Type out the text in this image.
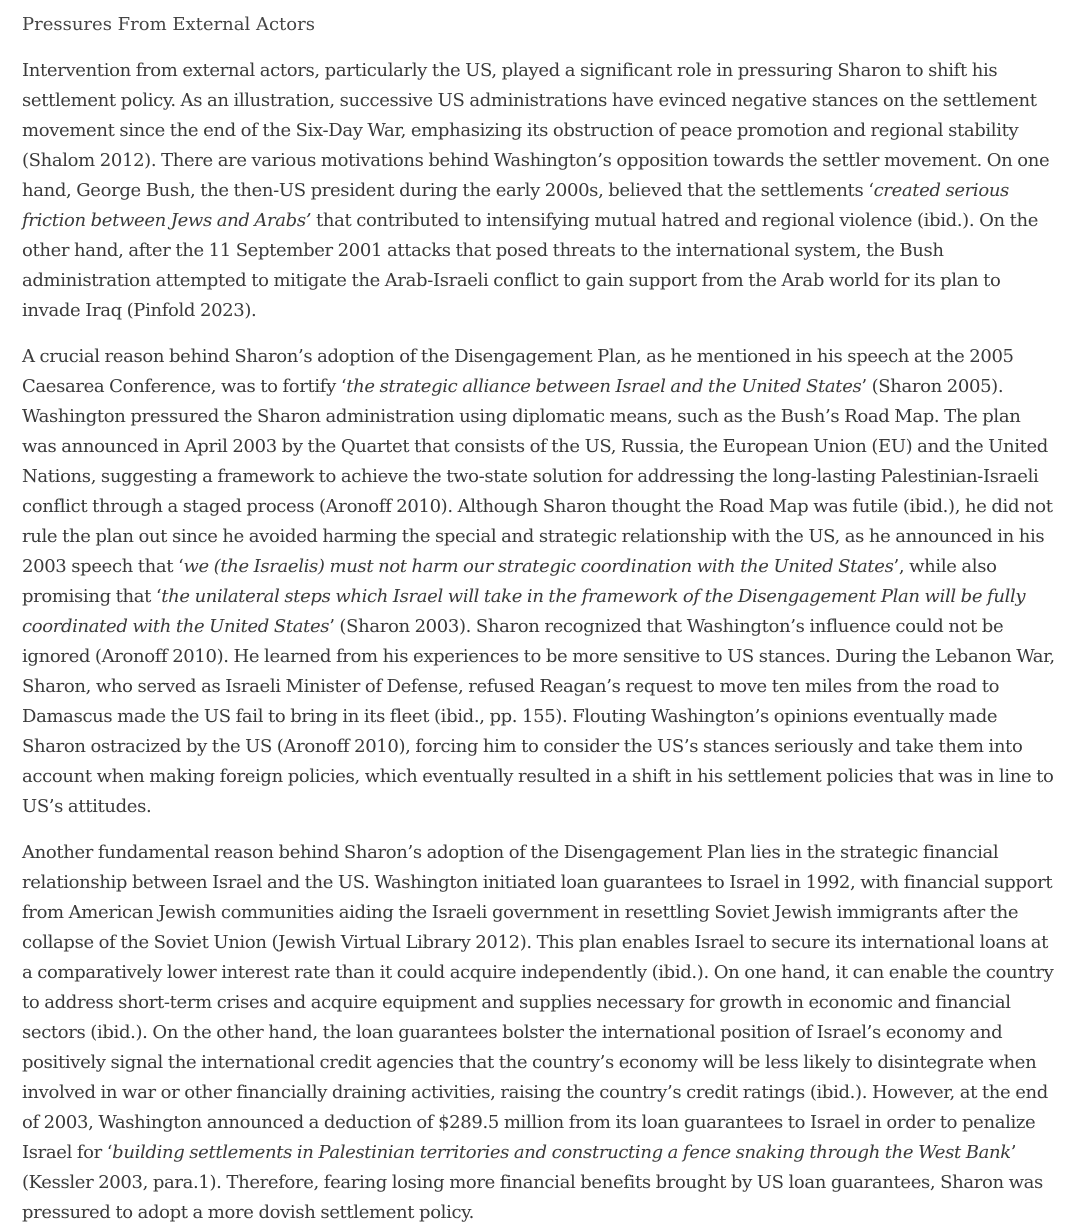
Pressures From External Actors

Intervention from external actors, particularly the US, played a significant role in pressuring Sharon to shift his settlement policy. As an illustration, successive US administrations have evinced negative stances on the settlement movement since the end of the Six-Day War, emphasizing its obstruction of peace promotion and regional stability (Shalom 2012). There are various motivations behind Washington’s opposition towards the settler movement. On one hand, George Bush, the then-US president during the early 2000s, believed that the settlements ‘created serious friction between Jews and Arabs’ that contributed to intensifying mutual hatred and regional violence (ibid.). On the other hand, after the 11 September 2001 attacks that posed threats to the international system, the Bush administration attempted to mitigate the Arab-Israeli conflict to gain support from the Arab world for its plan to invade Iraq (Pinfold 2023).

A crucial reason behind Sharon’s adoption of the Disengagement Plan, as he mentioned in his speech at the 2005 Caesarea Conference, was to fortify ‘the strategic alliance between Israel and the United States’ (Sharon 2005). Washington pressured the Sharon administration using diplomatic means, such as the Bush’s Road Map. The plan was announced in April 2003 by the Quartet that consists of the US, Russia, the European Union (EU) and the United Nations, suggesting a framework to achieve the two-state solution for addressing the long-lasting Palestinian-Israeli conflict through a staged process (Aronoff 2010). Although Sharon thought the Road Map was futile (ibid.), he did not rule the plan out since he avoided harming the special and strategic relationship with the US, as he announced in his 2003 speech that ‘we (the Israelis) must not harm our strategic coordination with the United States’, while also promising that ‘the unilateral steps which Israel will take in the framework of the Disengagement Plan will be fully coordinated with the United States’ (Sharon 2003). Sharon recognized that Washington’s influence could not be ignored (Aronoff 2010). He learned from his experiences to be more sensitive to US stances. During the Lebanon War, Sharon, who served as Israeli Minister of Defense, refused Reagan’s request to move ten miles from the road to Damascus made the US fail to bring in its fleet (ibid., pp. 155). Flouting Washington’s opinions eventually made Sharon ostracized by the US (Aronoff 2010), forcing him to consider the US’s stances seriously and take them into account when making foreign policies, which eventually resulted in a shift in his settlement policies that was in line to US’s attitudes.

Another fundamental reason behind Sharon’s adoption of the Disengagement Plan lies in the strategic financial relationship between Israel and the US. Washington initiated loan guarantees to Israel in 1992, with financial support from American Jewish communities aiding the Israeli government in resettling Soviet Jewish immigrants after the collapse of the Soviet Union (Jewish Virtual Library 2012). This plan enables Israel to secure its international loans at a comparatively lower interest rate than it could acquire independently (ibid.). On one hand, it can enable the country to address short-term crises and acquire equipment and supplies necessary for growth in economic and financial sectors (ibid.). On the other hand, the loan guarantees bolster the international position of Israel’s economy and positively signal the international credit agencies that the country’s economy will be less likely to disintegrate when involved in war or other financially draining activities, raising the country’s credit ratings (ibid.). However, at the end of 2003, Washington announced a deduction of $289.5 million from its loan guarantees to Israel in order to penalize Israel for ‘building settlements in Palestinian territories and constructing a fence snaking through the West Bank’ (Kessler 2003, para.1). Therefore, fearing losing more financial benefits brought by US loan guarantees, Sharon was pressured to adopt a more dovish settlement policy.
